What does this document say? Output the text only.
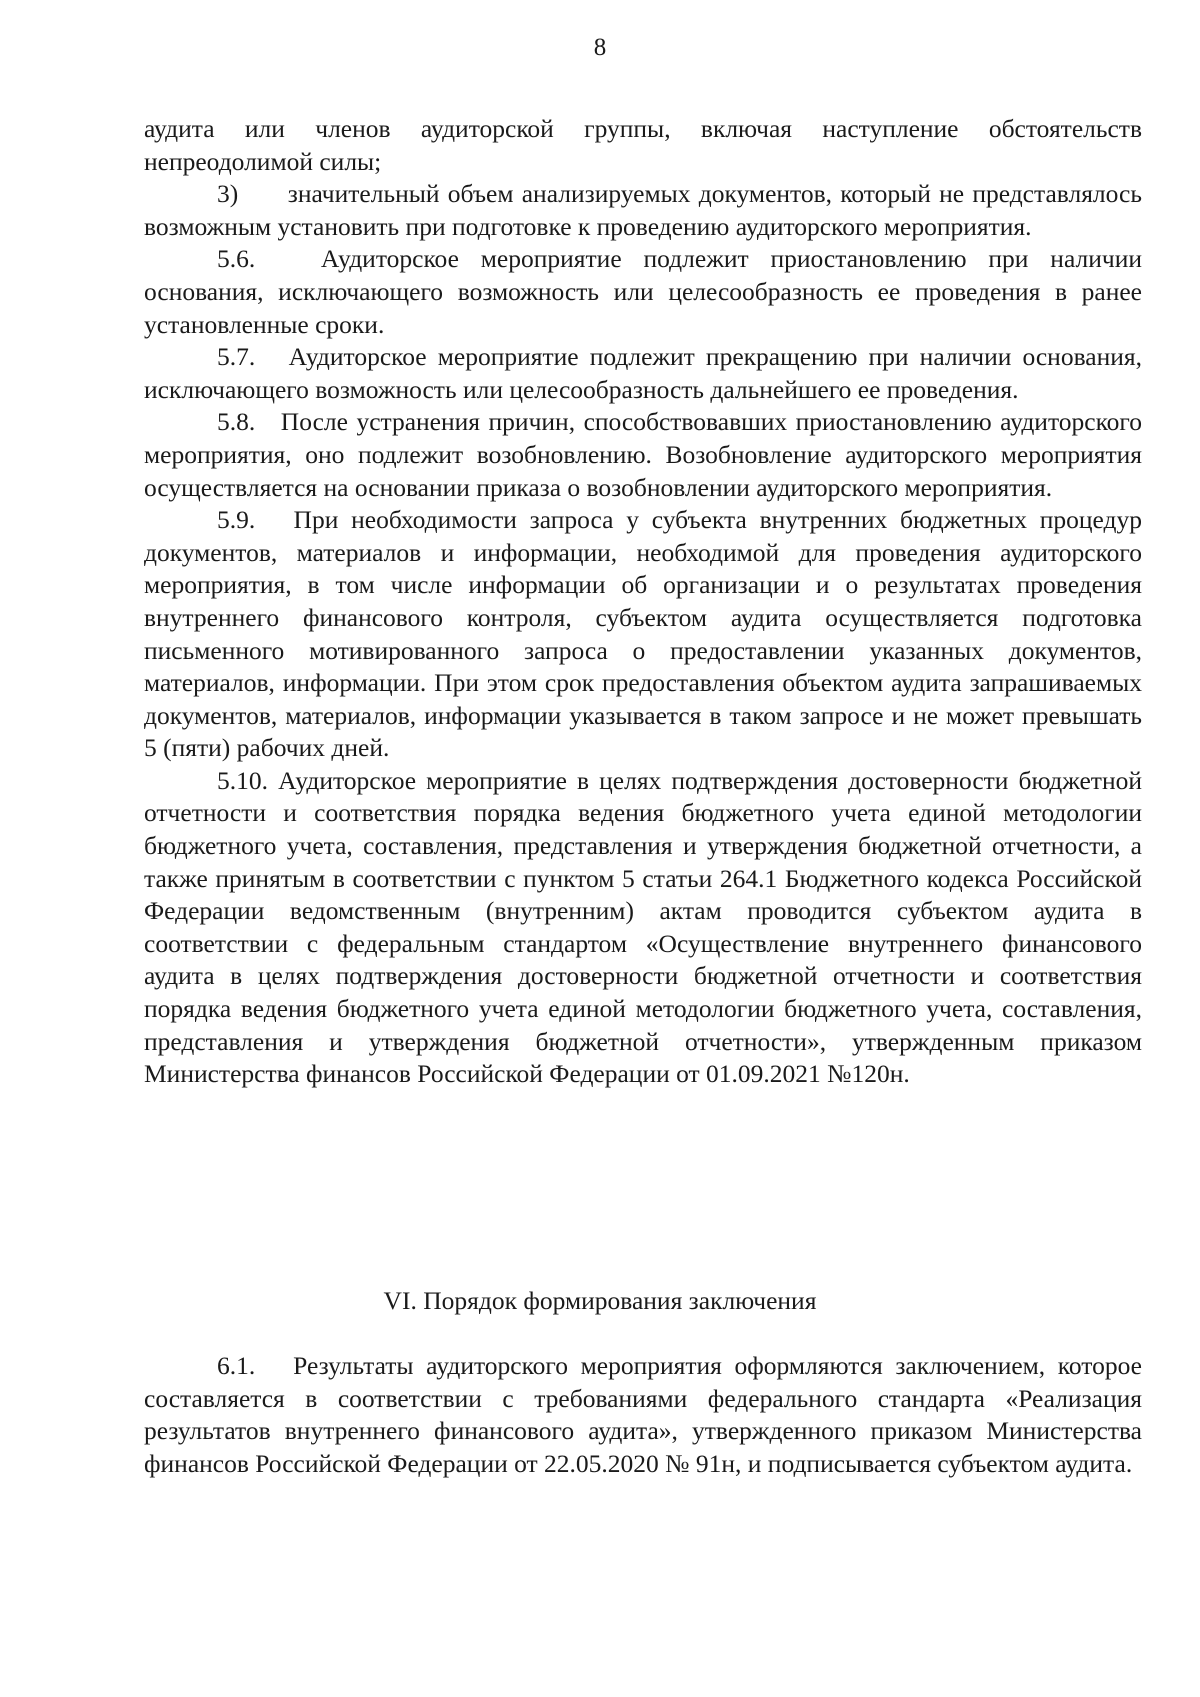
8

аудита или членов аудиторской группы, включая наступление обстоятельств непреодолимой силы;

3)      значительный объем анализируемых документов, который не представлялось возможным установить при подготовке к проведению аудиторского мероприятия.

5.6.   Аудиторское мероприятие подлежит приостановлению при наличии основания, исключающего возможность или целесообразность ее проведения в ранее установленные сроки.

5.7.   Аудиторское мероприятие подлежит прекращению при наличии основания, исключающего возможность или целесообразность дальнейшего ее проведения.

5.8.   После устранения причин, способствовавших приостановлению аудиторского мероприятия, оно подлежит возобновлению. Возобновление аудиторского мероприятия осуществляется на основании приказа о возобновлении аудиторского мероприятия.

5.9.   При необходимости запроса у субъекта внутренних бюджетных процедур документов, материалов и информации, необходимой для проведения аудиторского мероприятия, в том числе информации об организации и о результатах проведения внутреннего финансового контроля, субъектом аудита осуществляется подготовка письменного мотивированного запроса о предоставлении указанных документов, материалов, информации. При этом срок предоставления объектом аудита запрашиваемых документов, материалов, информации указывается в таком запросе и не может превышать 5 (пяти) рабочих дней.

5.10. Аудиторское мероприятие в целях подтверждения достоверности бюджетной отчетности и соответствия порядка ведения бюджетного учета единой методологии бюджетного учета, составления, представления и утверждения бюджетной отчетности, а также принятым в соответствии с пунктом 5 статьи 264.1 Бюджетного кодекса Российской Федерации ведомственным (внутренним) актам проводится субъектом аудита в соответствии с федеральным стандартом «Осуществление внутреннего финансового аудита в целях подтверждения достоверности бюджетной отчетности и соответствия порядка ведения бюджетного учета единой методологии бюджетного учета, составления, представления и утверждения бюджетной отчетности», утвержденным приказом Министерства финансов Российской Федерации от 01.09.2021 №120н.

VI. Порядок формирования заключения

6.1.   Результаты аудиторского мероприятия оформляются заключением, которое составляется в соответствии с требованиями федерального стандарта «Реализация результатов внутреннего финансового аудита», утвержденного приказом Министерства финансов Российской Федерации от 22.05.2020 № 91н, и подписывается субъектом аудита.
